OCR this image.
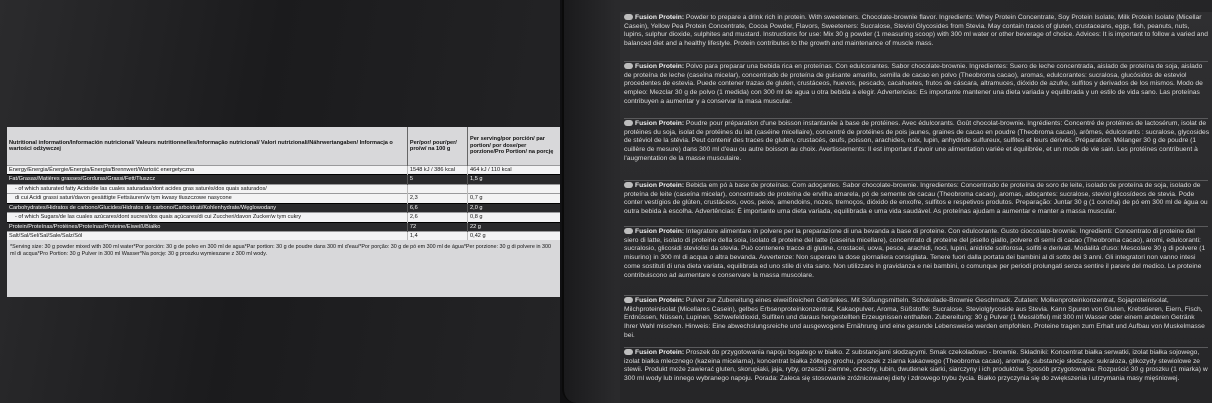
Nutritional information/Información nutricional/ Valeurs nutritionnelles/Informação nutricional/ Valori nutrizionali/Nährwertangaben/ Informacja o wartości odżywczej	Per/por/ pour/per/ pro/w/ na 100 g	Per serving/por porción/ par portion/ por dose/per porzione/Pro Portion/ na porcję
Energy/Energia/Énergie/Energia/Energia/Brennwert/Wartość energetyczna	1548 kJ / 386 kcal	464 kJ / 110 kcal
Fat/Grasas/Matières grasses/Gorduras/Grassi/Fett/Tłuszcz	5	1,5 g
- of which saturated fatty Acids/de las cuales saturadas/dont acides gras saturés/dos quais saturados/		
di cui Acidi grassi saturi/davon gesättigte Fettsäuren/w tym kwasy tłuszczowe nasycone	2,3	0,7 g
Carbohydrates/Hidratos de carbono/Glucides/Hidratos de carbono/Carboidrati/Kohlenhydrate/Węglowodany	6,6	2,0 g
- of which Sugars/de las cuales azúcares/dont sucres/dos quais açúcares/di cui Zuccheri/davon Zucker/w tym cukry	2,6	0,8 g
Protein/Proteínas/Protéines/Proteínas/Proteine/Eiweiß/Białko	72	22 g
Salt/Sal/Sel/Sal/Sale/Salz/Sól	1,4	0,42 g
*Serving size: 30 g powder mixed with 300 ml water*Por porción: 30 g de polvo en 300 ml de agua*Par portion: 30 g de poudre dans 300 ml d'eau/*Por porção: 30 g de pó em 300 ml de água*Per porzione: 30 g di polvere in 300 ml di acqua*Pro Portion: 30 g Pulver in 300 ml Wasser*Na porcję: 30 g proszku wymieszane z 300 ml wody.
Fusion Protein: Powder to prepare a drink rich in protein. With sweeteners. Chocolate-brownie flavor. Ingredients: Whey Protein Concentrate, Soy Protein Isolate, Milk Protein Isolate (Micellar Casein), Yellow Pea Protein Concentrate, Cocoa Powder, Flavors, Sweeteners: Sucralose, Steviol Glycosides from Stevia. May contain traces of gluten, crustaceans, eggs, fish, peanuts, nuts, lupins, sulphur dioxide, sulphites and mustard. Instructions for use: Mix 30 g powder (1 measuring scoop) with 300 ml water or other beverage of choice. Advices: It is important to follow a varied and balanced diet and a healthy lifestyle. Protein contributes to the growth and maintenance of muscle mass.
Fusion Protein: Polvo para preparar una bebida rica en proteínas. Con edulcorantes. Sabor chocolate-brownie. Ingredientes: Suero de leche concentrada, aislado de proteína de soja, aislado de proteína de leche (caseína micelar), concentrado de proteína de guisante amarillo, semilla de cacao en polvo (Theobroma cacao), aromas, edulcorantes: sucralosa, glucósidos de esteviol procedentes de estevia. Puede contener trazas de gluten, crustáceos, huevos, pescado, cacahuetes, frutos de cáscara, altramuces, dióxido de azufre, sulfitos y derivados de los mismos. Modo de empleo: Mezclar 30 g de polvo (1 medida) con 300 ml de agua u otra bebida a elegir. Advertencias: Es importante mantener una dieta variada y equilibrada y un estilo de vida sano. Las proteínas contribuyen a aumentar y a conservar la masa muscular.
Fusion Protein: Poudre pour préparation d'une boisson instantanée à base de protéines. Avec édulcorants. Goût chocolat-brownie. Ingrédients: Concentré de protéines de lactosérum, isolat de protéines du soja, isolat de protéines du lait (caséine micellaire), concentré de protéines de pois jaunes, graines de cacao en poudre (Theobroma cacao), arômes, édulcorants : sucralose, glycosides de stéviol de la stévia. Peut contenir des traces de gluten, crustacés, œufs, poisson, arachides, noix, lupin, anhydride sulfureux, sulfites et leurs dérivés. Préparation: Mélanger 30 g de poudre (1 cuillère de mesure) dans 300 ml d'eau ou autre boisson au choix. Avertissements: Il est important d'avoir une alimentation variée et équilibrée, et un mode de vie sain. Les protéines contribuent à l'augmentation de la masse musculaire.
Fusion Protein: Bebida em pó à base de proteínas. Com adoçantes. Sabor chocolate-brownie. Ingredientes: Concentrado de proteína de soro de leite, isolado de proteína de soja, isolado de proteína de leite (caseína micelar), concentrado de proteína de ervilha amarela, pó de semente de cacau (Theobroma cacao), aromas, adoçantes: sucralose, steviol glicosídeos de stevia. Pode conter vestígios de glúten, crustáceos, ovos, peixe, amendoins, nozes, tremoços, dióxido de enxofre, sulfitos e respetivos produtos. Preparação: Juntar 30 g (1 concha) de pó em 300 ml de água ou outra bebida à escolha. Advertências: É importante uma dieta variada, equilibrada e uma vida saudável. As proteínas ajudam a aumentar e manter a massa muscular.
Fusion Protein: Integratore alimentare in polvere per la preparazione di una bevanda a base di proteine. Con edulcorante. Gusto cioccolato-brownie. Ingredienti: Concentrato di proteine del siero di latte, isolato di proteine della soia, isolato di proteine del latte (caseina micellare), concentrato di proteine del pisello giallo, polvere di semi di cacao (Theobroma cacao), aromi, edulcoranti: sucralosio, glicosidi steviolici da stevia. Può contenere tracce di glutine, crostacei, uova, pesce, arachidi, noci, lupini, anidride solforosa, solfiti e derivati. Modalità d'uso: Mescolare 30 g di polvere (1 misurino) in 300 ml di acqua o altra bevanda. Avvertenze: Non superare la dose giornaliera consigliata. Tenere fuori dalla portata dei bambini al di sotto dei 3 anni. Gli integratori non vanno intesi come sostituti di una dieta variata, equilibrata ed uno stile di vita sano. Non utilizzare in gravidanza e nei bambini, o comunque per periodi prolungati senza sentire il parere del medico. Le proteine contribuiscono ad aumentare e conservare la massa muscolare.
Fusion Protein: Pulver zur Zubereitung eines eiweißreichen Getränkes. Mit Süßungsmitteln. Schokolade-Brownie Geschmack. Zutaten: Molkenproteinkonzentrat, Sojaproteinisolat, Milchproteinisolat (Micellares Casein), gelbes Erbsenproteinkonzentrat, Kakaopulver, Aroma, Süßstoffe: Sucralose, Steviolglycoside aus Stevia. Kann Spuren von Gluten, Krebstieren, Eiern, Fisch, Erdnüssen, Nüssen, Lupinen, Schwefeldioxid, Sulfiten und daraus hergestellten Erzeugnissen enthalten. Zubereitung: 30 g Pulver (1 Messlöffel) mit 300 ml Wasser oder einem anderen Getränk Ihrer Wahl mischen. Hinweis: Eine abwechslungsreiche und ausgewogene Ernährung und eine gesunde Lebensweise werden empfohlen. Proteine tragen zum Erhalt und Aufbau von Muskelmasse bei.
Fusion Protein: Proszek do przygotowania napoju bogatego w białko. Z substancjami słodzącymi. Smak czekoladowo - brownie. Składniki: Koncentrat białka serwatki, izolat białka sojowego, izolat białka mlecznego (kazeina micelarna), koncentrat białka żółtego grochu, proszek z ziarna kakaowego (Theobroma cacao), aromaty, substancje słodzące: sukraloza, glikozydy stewiolowe ze stewii. Produkt może zawierać gluten, skorupiaki, jaja, ryby, orzeszki ziemne, orzechy, łubin, dwutlenek siarki, siarczyny i ich produktów. Sposób przygotowania: Rozpuścić 30 g proszku (1 miarka) w 300 ml wody lub innego wybranego napoju. Porada: Zaleca się stosowanie zróżnicowanej diety i zdrowego trybu życia. Białko przyczynia się do zwiększenia i utrzymania masy mięśniowej.
